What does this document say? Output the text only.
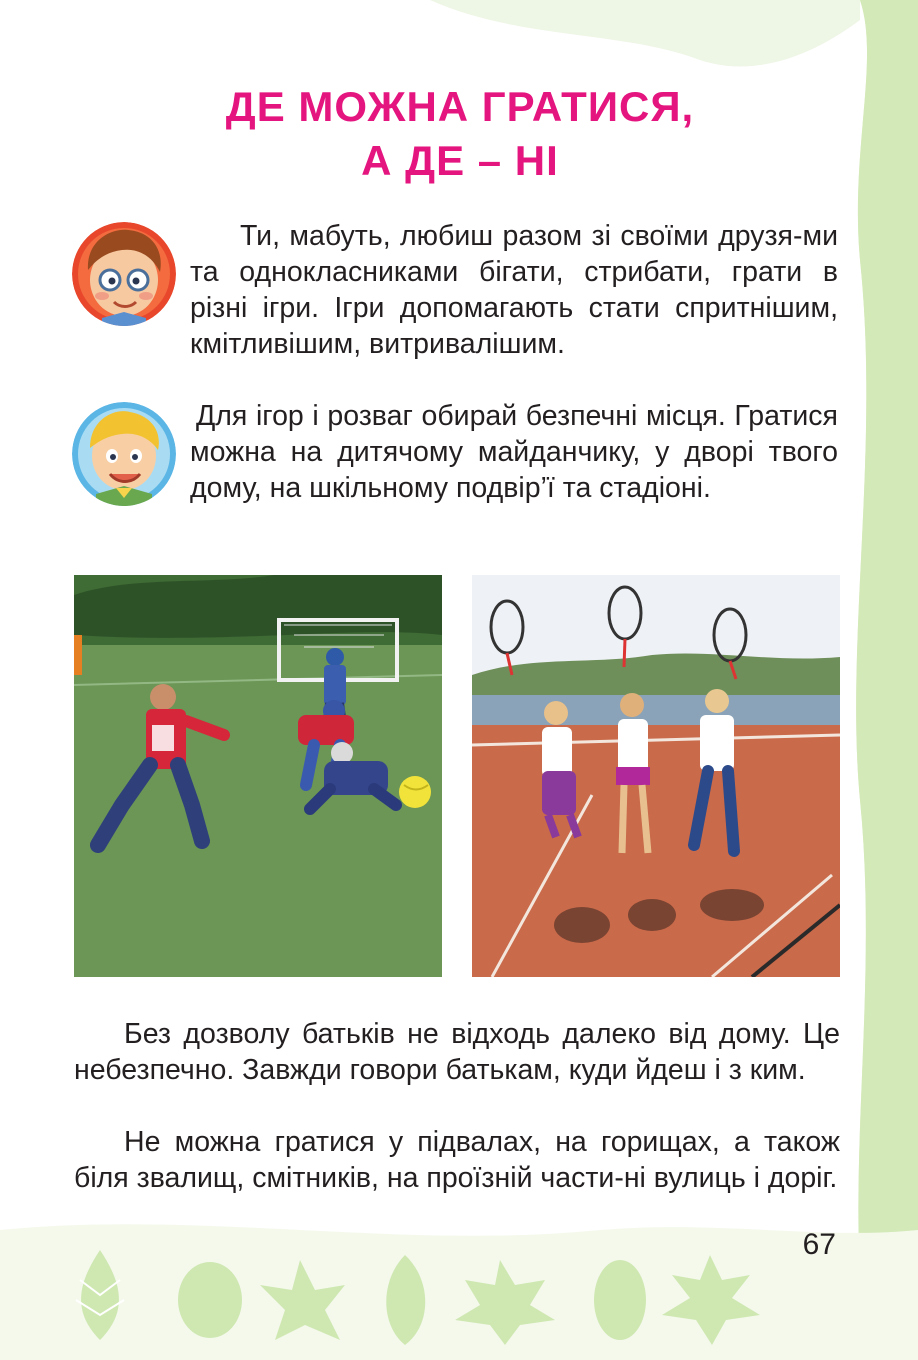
ДЕ МОЖНА ГРАТИСЯ,
А ДЕ – НІ

Ти, мабуть, любиш разом зі своїми друзя-ми та однокласниками бігати, стрибати, грати в різні ігри. Ігри допомагають стати спритнішим, кмітливішим, витривалішим.

Для ігор і розваг обирай безпечні місця. Гратися можна на дитячому майданчику, у дворі твого дому, на шкільному подвір’ї та стадіоні.

Без дозволу батьків не відходь далеко від дому. Це небезпечно. Завжди говори батькам, куди йдеш і з ким.

Не можна гратися у підвалах, на горищах, а також біля звалищ, смітників, на проїзній части-ні вулиць і доріг.

67
